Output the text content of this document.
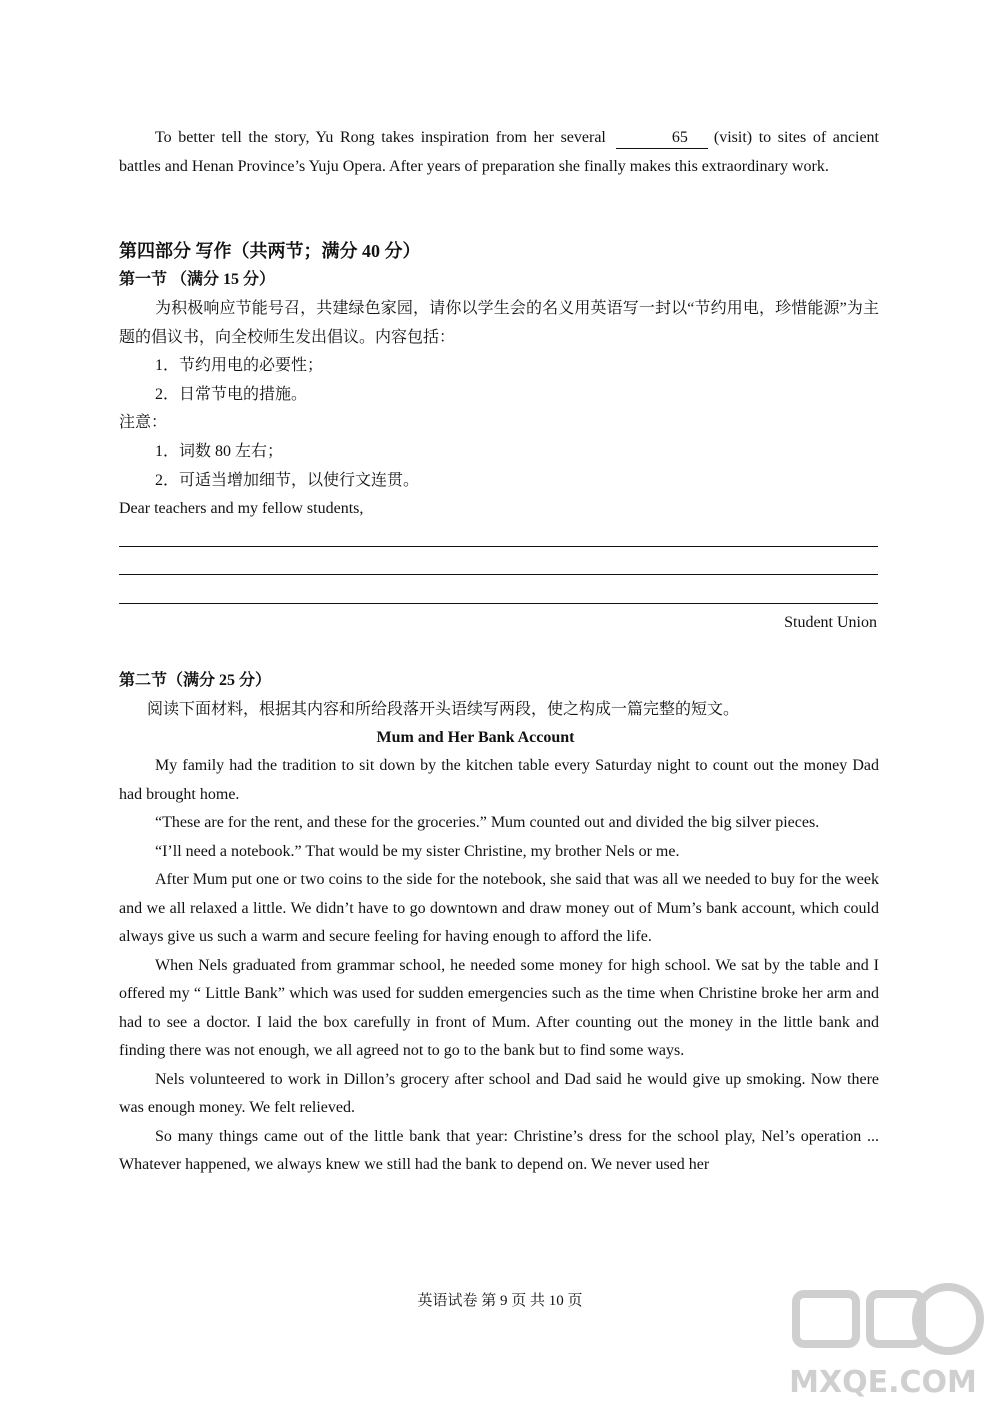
To better tell the story, Yu Rong takes inspiration from her several	65 (visit) to sites of ancient battles and Henan Province’s Yuju Opera. After years of preparation she finally makes this extraordinary work.

第四部分 写作（共两节；满分 40 分）
第一节 （满分 15 分）

为积极响应节能号召，共建绿色家园，请你以学生会的名义用英语写一封以“节约用电，珍惜能源”为主题的倡议书，向全校师生发出倡议。内容包括：

1．节约用电的必要性；
2．日常节电的措施。
注意：
1．词数 80 左右；
2．可适当增加细节，以使行文连贯。
Dear teachers and my fellow students,
Student Union
第二节（满分 25 分）

阅读下面材料，根据其内容和所给段落开头语续写两段，使之构成一篇完整的短文。

Mum and Her Bank Account

My family had the tradition to sit down by the kitchen table every Saturday night to count out the money Dad had brought home.

“These are for the rent, and these for the groceries.” Mum counted out and divided the big silver pieces.

“I’ll need a notebook.” That would be my sister Christine, my brother Nels or me.

After Mum put one or two coins to the side for the notebook, she said that was all we needed to buy for the week and we all relaxed a little. We didn’t have to go downtown and draw money out of Mum’s bank account, which could always give us such a warm and secure feeling for having enough to afford the life.

When Nels graduated from grammar school, he needed some money for high school. We sat by the table and I offered my “ Little Bank” which was used for sudden emergencies such as the time when Christine broke her arm and had to see a doctor. I laid the box carefully in front of Mum. After counting out the money in the little bank and finding there was not enough, we all agreed not to go to the bank but to find some ways.

Nels volunteered to work in Dillon’s grocery after school and Dad said he would give up smoking. Now there was enough money. We felt relieved.

So many things came out of the little bank that year: Christine’s dress for the school play, Nel’s operation ... Whatever happened, we always knew we still had the bank to depend on. We never used her

英语试卷 第 9 页 共 10 页
MXQE.COM
